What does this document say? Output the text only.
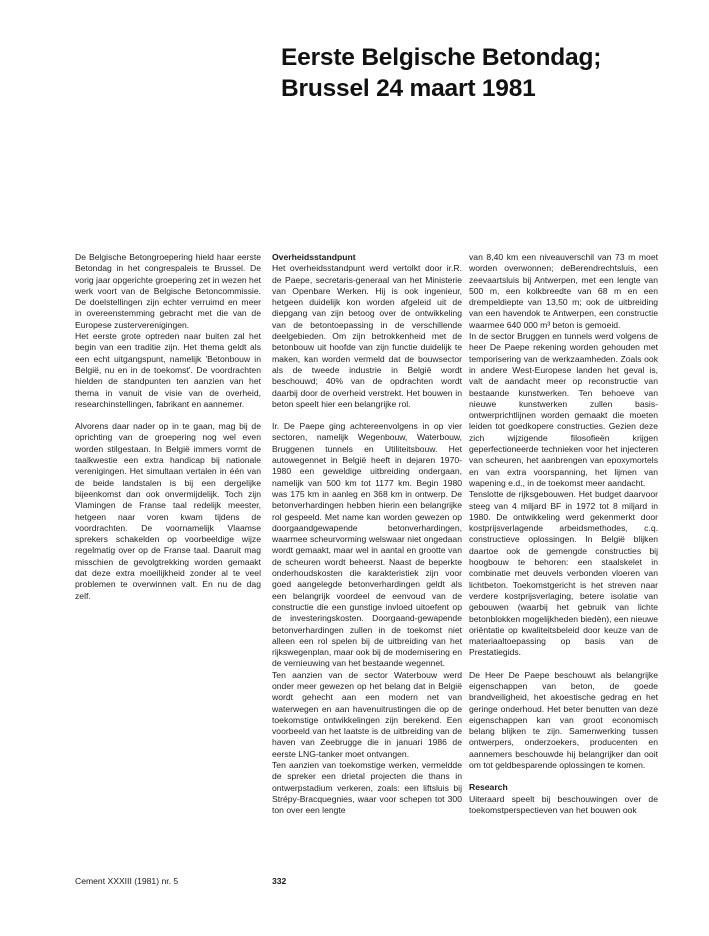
Eerste Belgische Betondag;
Brussel 24 maart 1981

De Belgische Betongroepering hield haar eerste Betondag in het congrespaleis te Brussel. De vorig jaar opgerichte groepering zet in wezen het werk voort van de Belgische Betoncommissie. De doelstellingen zijn echter verruimd en meer in overeenstemming gebracht met die van de Europese zusterverenigingen.

Het eerste grote optreden naar buiten zal het begin van een traditie zijn. Het thema geldt als een echt uitgangspunt, namelijk 'Betonbouw in België, nu en in de toekomst'. De voordrachten hielden de standpunten ten aanzien van het thema in vanuit de visie van de overheid, researchinstellingen, fabrikant en aannemer.

Alvorens daar nader op in te gaan, mag bij de oprichting van de groepering nog wel even worden stilgestaan. In België immers vormt de taalkwestie een extra handicap bij nationale verenigingen. Het simultaan vertalen in één van de beide landstalen is bij een dergelijke bijeenkomst dan ook onvermijdelijk. Toch zijn Vlamingen de Franse taal redelijk meester, hetgeen naar voren kwam tijdens de voordrachten. De voornamelijk Vlaamse sprekers schakelden op voorbeeldige wijze regelmatig over op de Franse taal. Daaruit mag misschien de gevolgtrekking worden gemaakt dat deze extra moeilijkheid zonder al te veel problemen te overwinnen valt. En nu de dag zelf.

Overheidsstandpunt

Het overheidsstandpunt werd vertolkt door ir.R. de Paepe, secretaris-generaal van het Ministerie van Openbare Werken. Hij is ook ingenieur, hetgeen duidelijk kon worden afgeleid uit de diepgang van zijn betoog over de ontwikkeling van de betontoepassing in de verschillende deelgebieden. Om zijn betrokkenheid met de betonbouw uit hoofde van zijn functie duidelijk te maken, kan worden vermeld dat de bouwsector als de tweede industrie in België wordt beschouwd; 40% van de opdrachten wordt daarbij door de overheid verstrekt. Het bouwen in beton speelt hier een belangrijke rol.

Ir. De Paepe ging achtereenvolgens in op vier sectoren, namelijk Wegenbouw, Waterbouw, Bruggenen tunnels en Utiliteitsbouw. Het autowegennet in België heeft in dejaren 1970-1980 een geweldige uitbreiding ondergaan, namelijk van 500 km tot 1177 km. Begin 1980 was 175 km in aanleg en 368 km in ontwerp. De betonverhardingen hebben hierin een belangrijke rol gespeeld. Met name kan worden gewezen op doorgaandgewapende betonverhardingen, waarmee scheurvorming welswaar niet ongedaan wordt gemaakt, maar wel in aantal en grootte van de scheuren wordt beheerst. Naast de beperkte onderhoudskosten die karakteristiek zijn voor goed aangelegde betonverhardingen geldt als een belangrijk voordeel de eenvoud van de constructie die een gunstige invloed uitoefent op de investeringskosten. Doorgaand-gewapende betonverhardingen zullen in de toekomst niet alleen een rol spelen bij de uitbreiding van het rijkswegenplan, maar ook bij de modernisering en de vernieuwing van het bestaande wegennet.

Ten aanzien van de sector Waterbouw werd onder meer gewezen op het belang dat in België wordt gehecht aan een modern net van waterwegen en aan havenuitrustingen die op de toekomstige ontwikkelingen zijn berekend. Een voorbeeld van het laatste is de uitbreiding van de haven van Zeebrugge die in januari 1986 de eerste LNG-tanker moet ontvangen.

Ten aanzien van toekomstige werken, vermeldde de spreker een drietal projecten die thans in ontwerpstadium verkeren, zoals: een liftsluis bij Strépy-Bracquegnies, waar voor schepen tot 300 ton over een lengte

van 8,40 km een niveauverschil van 73 m moet worden overwonnen; deBerendrechtsluis, een zeevaartsluis bij Antwerpen, met een lengte van 500 m, een kolkbreedte van 68 m en een drempeldiepte van 13,50 m; ook de uitbreiding van een havendok te Antwerpen, een constructie waarmee 640 000 m³ beton is gemoeid.

In de sector Bruggen en tunnels werd volgens de heer De Paepe rekening worden gehouden met temporisering van de werkzaamheden. Zoals ook in andere West-Europese landen het geval is, valt de aandacht meer op reconstructie van bestaande kunstwerken. Ten behoeve van nieuwe kunstwerken zullen basis-ontwerprichtlijnen worden gemaakt die moeten leiden tot goedkopere constructies. Gezien deze zich wijzigende filosofieën krijgen geperfectioneerde technieken voor het injecteren van scheuren, het aanbrengen van epoxymortels en van extra voorspanning, het lijmen van wapening e.d., in de toekomst meer aandacht.

Tenslotte de rijksgebouwen. Het budget daarvoor steeg van 4 miljard BF in 1972 tot 8 miljard in 1980. De ontwikkeling werd gekenmerkt door kostprijsverlagende arbeidsmethodes, c.q. constructieve oplossingen. In België blijken daartoe ook de gemengde constructies bij hoogbouw te behoren: een staalskelet in combinatie met deuvels verbonden vloeren van lichtbeton. Toekomstgericht is het streven naar verdere kostprijsverlaging, betere isolatie van gebouwen (waarbij het gebruik van lichte betonblokken mogelijkheden biedèn), een nieuwe oriëntatie op kwaliteitsbeleid door keuze van de materiaaltoepassing op basis van de Prestatiegids.

De Heer De Paepe beschouwt als belangrijke eigenschappen van beton, de goede brandveiligheid, het akoestische gedrag en het geringe onderhoud. Het beter benutten van deze eigenschappen kan van groot economisch belang blijken te zijn. Samenwerking tussen ontwerpers, onderzoekers, producenten en aannemers beschouwde hij belangrijker dan ooit om tot geldbesparende oplossingen te komen.

Research

Uiteraard speelt bij beschouwingen over de toekomstperspectieven van het bouwen ook

Cement XXXIII (1981) nr. 5	332
